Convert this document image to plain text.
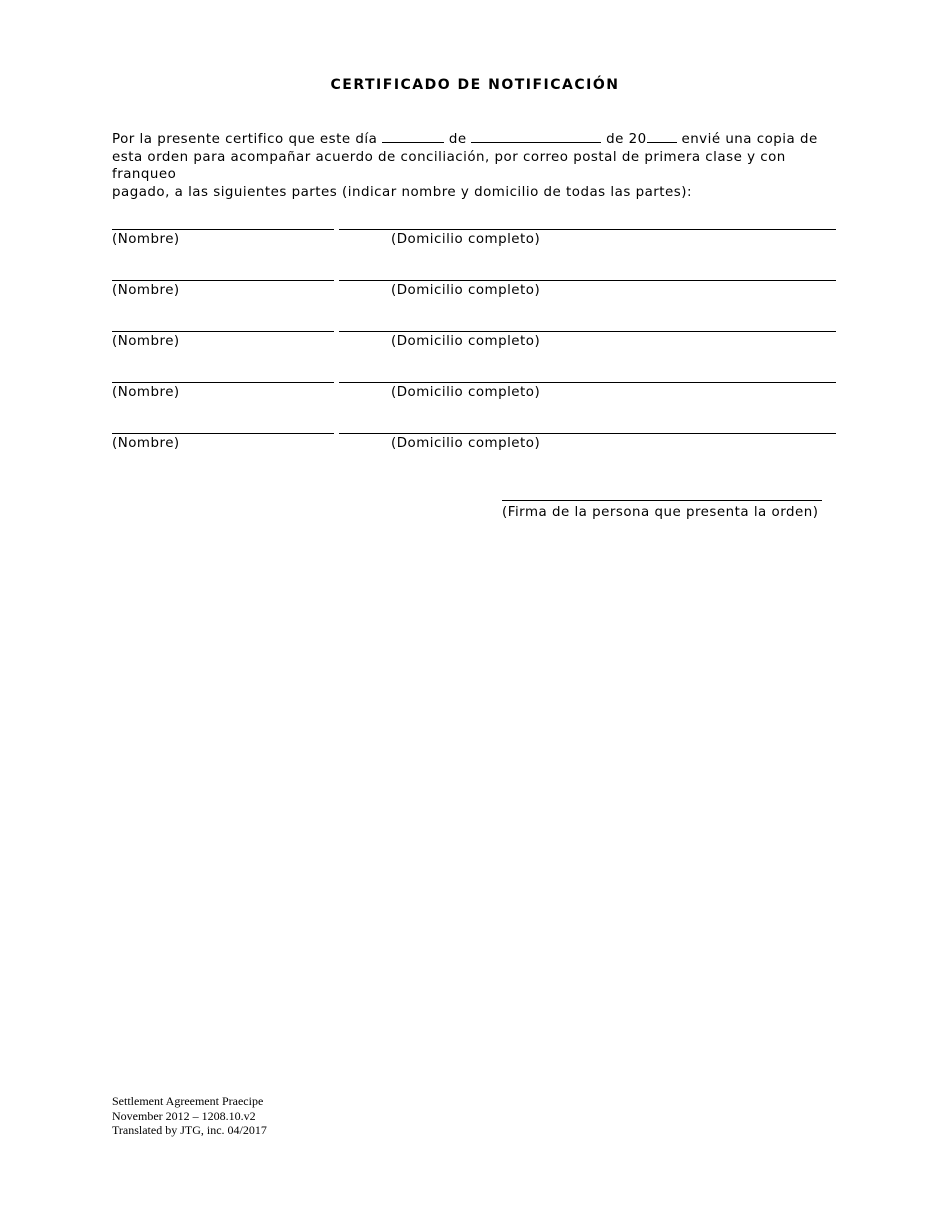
CERTIFICADO DE NOTIFICACIÓN
Por la presente certifico que este día	de	de 20	envié una copia de
esta orden para acompañar acuerdo de conciliación, por correo postal de primera clase y con franqueo
pagado, a las siguientes partes (indicar nombre y domicilio de todas las partes):
(Nombre)	(Domicilio completo)
(Nombre)	(Domicilio completo)
(Nombre)	(Domicilio completo)
(Nombre)	(Domicilio completo)
(Nombre)	(Domicilio completo)
(Firma de la persona que presenta la orden)
Settlement Agreement Praecipe
November 2012 – 1208.10.v2
Translated by JTG, inc. 04/2017
